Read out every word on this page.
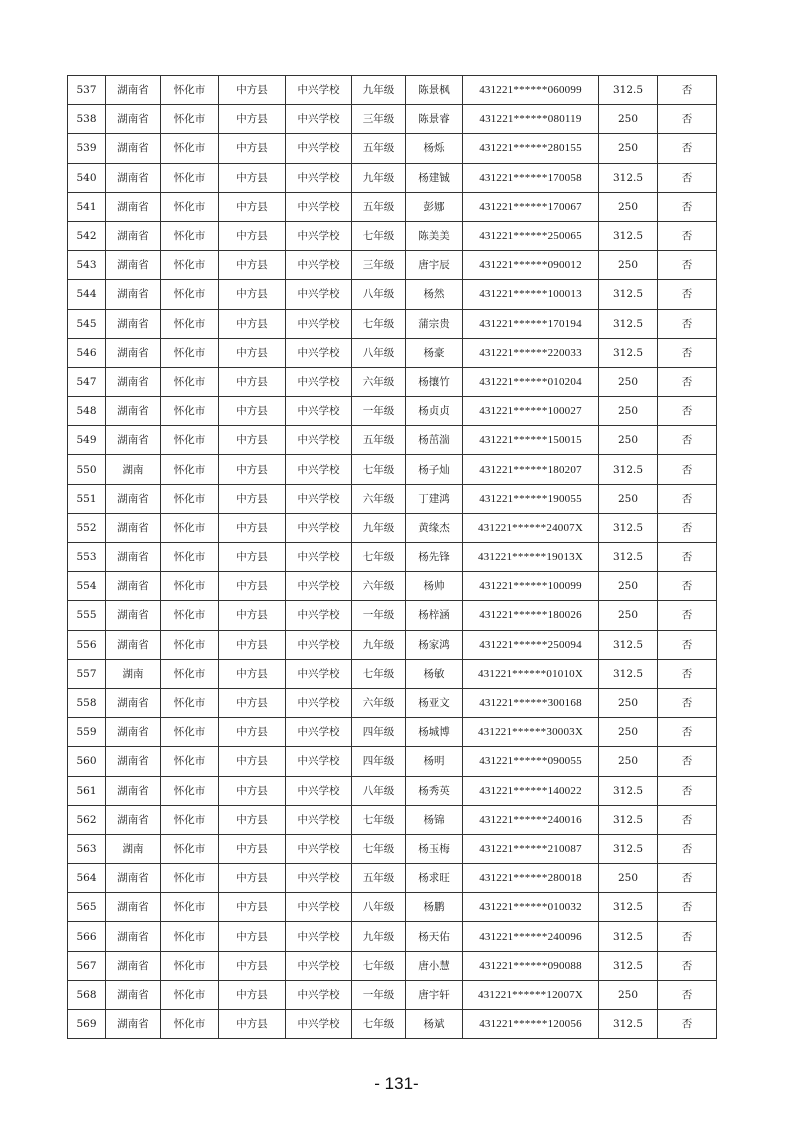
537	湖南省	怀化市	中方县	中兴学校	九年级	陈景枫	431221******060099	312.5	否
538	湖南省	怀化市	中方县	中兴学校	三年级	陈景睿	431221******080119	250	否
539	湖南省	怀化市	中方县	中兴学校	五年级	杨烁	431221******280155	250	否
540	湖南省	怀化市	中方县	中兴学校	九年级	杨建铖	431221******170058	312.5	否
541	湖南省	怀化市	中方县	中兴学校	五年级	彭娜	431221******170067	250	否
542	湖南省	怀化市	中方县	中兴学校	七年级	陈美美	431221******250065	312.5	否
543	湖南省	怀化市	中方县	中兴学校	三年级	唐宇辰	431221******090012	250	否
544	湖南省	怀化市	中方县	中兴学校	八年级	杨然	431221******100013	312.5	否
545	湖南省	怀化市	中方县	中兴学校	七年级	蒲宗贵	431221******170194	312.5	否
546	湖南省	怀化市	中方县	中兴学校	八年级	杨豪	431221******220033	312.5	否
547	湖南省	怀化市	中方县	中兴学校	六年级	杨攘竹	431221******010204	250	否
548	湖南省	怀化市	中方县	中兴学校	一年级	杨贞贞	431221******100027	250	否
549	湖南省	怀化市	中方县	中兴学校	五年级	杨茁湍	431221******150015	250	否
550	湖南	怀化市	中方县	中兴学校	七年级	杨子灿	431221******180207	312.5	否
551	湖南省	怀化市	中方县	中兴学校	六年级	丁建鸿	431221******190055	250	否
552	湖南省	怀化市	中方县	中兴学校	九年级	黄缘杰	431221******24007X	312.5	否
553	湖南省	怀化市	中方县	中兴学校	七年级	杨先锋	431221******19013X	312.5	否
554	湖南省	怀化市	中方县	中兴学校	六年级	杨帅	431221******100099	250	否
555	湖南省	怀化市	中方县	中兴学校	一年级	杨梓涵	431221******180026	250	否
556	湖南省	怀化市	中方县	中兴学校	九年级	杨家鸿	431221******250094	312.5	否
557	湖南	怀化市	中方县	中兴学校	七年级	杨敏	431221******01010X	312.5	否
558	湖南省	怀化市	中方县	中兴学校	六年级	杨亚文	431221******300168	250	否
559	湖南省	怀化市	中方县	中兴学校	四年级	杨城博	431221******30003X	250	否
560	湖南省	怀化市	中方县	中兴学校	四年级	杨明	431221******090055	250	否
561	湖南省	怀化市	中方县	中兴学校	八年级	杨秀英	431221******140022	312.5	否
562	湖南省	怀化市	中方县	中兴学校	七年级	杨锦	431221******240016	312.5	否
563	湖南	怀化市	中方县	中兴学校	七年级	杨玉梅	431221******210087	312.5	否
564	湖南省	怀化市	中方县	中兴学校	五年级	杨求旺	431221******280018	250	否
565	湖南省	怀化市	中方县	中兴学校	八年级	杨鹏	431221******010032	312.5	否
566	湖南省	怀化市	中方县	中兴学校	九年级	杨天佑	431221******240096	312.5	否
567	湖南省	怀化市	中方县	中兴学校	七年级	唐小慧	431221******090088	312.5	否
568	湖南省	怀化市	中方县	中兴学校	一年级	唐宇轩	431221******12007X	250	否
569	湖南省	怀化市	中方县	中兴学校	七年级	杨斌	431221******120056	312.5	否
- 131-
